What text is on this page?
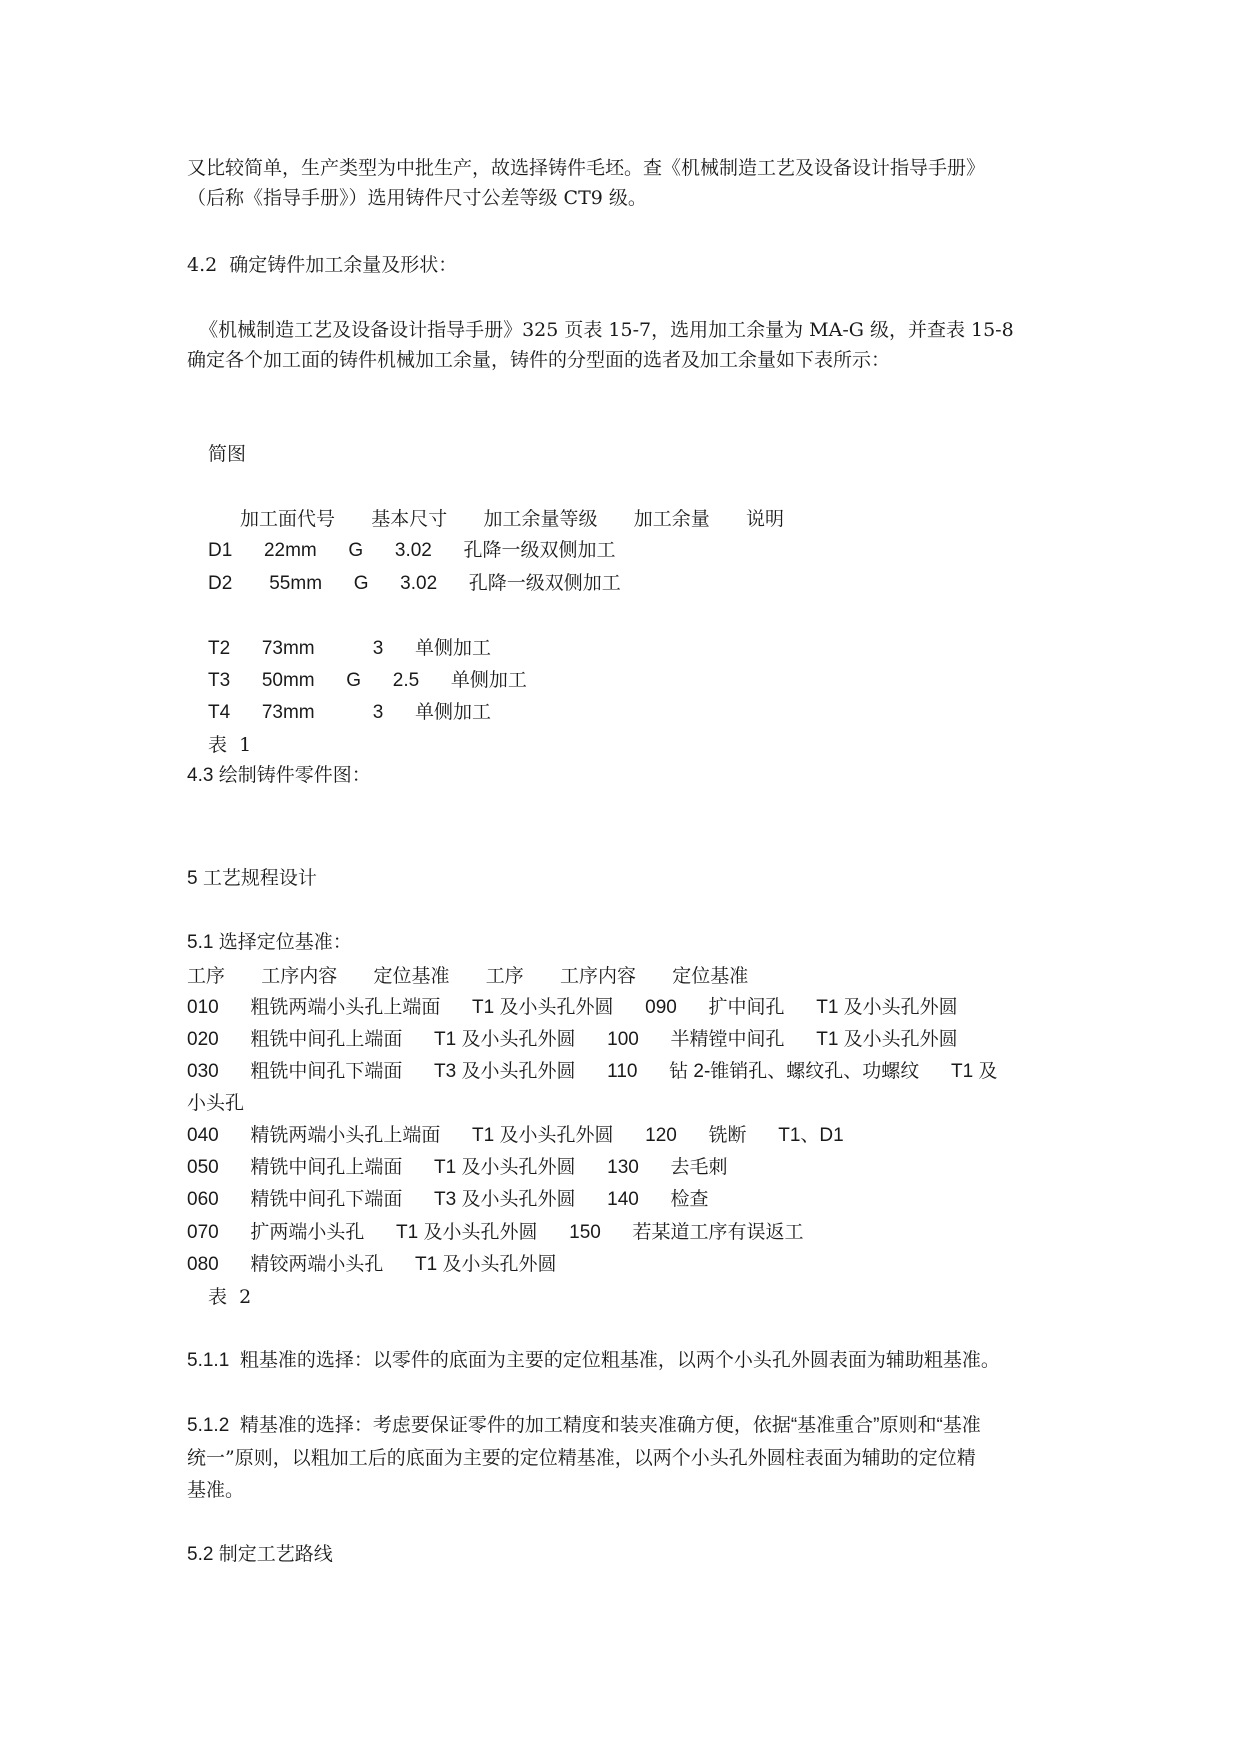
又比较简单，生产类型为中批生产，故选择铸件毛坯。查《机械制造工艺及设备设计指导手册》
（后称《指导手册》）选用铸件尺寸公差等级 CT9 级。
4.2  确定铸件加工余量及形状：
《机械制造工艺及设备设计指导手册》325 页表 15-7，选用加工余量为 MA-G 级，并查表 15-8
确定各个加工面的铸件机械加工余量，铸件的分型面的选者及加工余量如下表所示：
简图
加工面代号      基本尺寸      加工余量等级      加工余量      说明
D1      22mm      G      3.02      孔降一级双侧加工
D2       55mm      G      3.02      孔降一级双侧加工
T2      73mm           3      单侧加工
T3      50mm      G      2.5      单侧加工
T4      73mm           3      单侧加工
表  1
4.3 绘制铸件零件图：
5 工艺规程设计
5.1 选择定位基准：
工序      工序内容      定位基准      工序      工序内容      定位基准
010      粗铣两端小头孔上端面      T1 及小头孔外圆      090      扩中间孔      T1 及小头孔外圆
020      粗铣中间孔上端面      T1 及小头孔外圆      100      半精镗中间孔      T1 及小头孔外圆
030      粗铣中间孔下端面      T3 及小头孔外圆      110      钻 2-锥销孔、螺纹孔、功螺纹      T1 及
小头孔
040      精铣两端小头孔上端面      T1 及小头孔外圆      120      铣断      T1、D1
050      精铣中间孔上端面      T1 及小头孔外圆      130      去毛刺
060      精铣中间孔下端面      T3 及小头孔外圆      140      检查
070      扩两端小头孔      T1 及小头孔外圆      150      若某道工序有误返工
080      精铰两端小头孔      T1 及小头孔外圆
表  2
5.1.1  粗基准的选择：以零件的底面为主要的定位粗基准，以两个小头孔外圆表面为辅助粗基准。
5.1.2  精基准的选择：考虑要保证零件的加工精度和装夹准确方便，依据“基准重合”原则和“基准
统一”原则，以粗加工后的底面为主要的定位精基准，以两个小头孔外圆柱表面为辅助的定位精
基准。
5.2 制定工艺路线
